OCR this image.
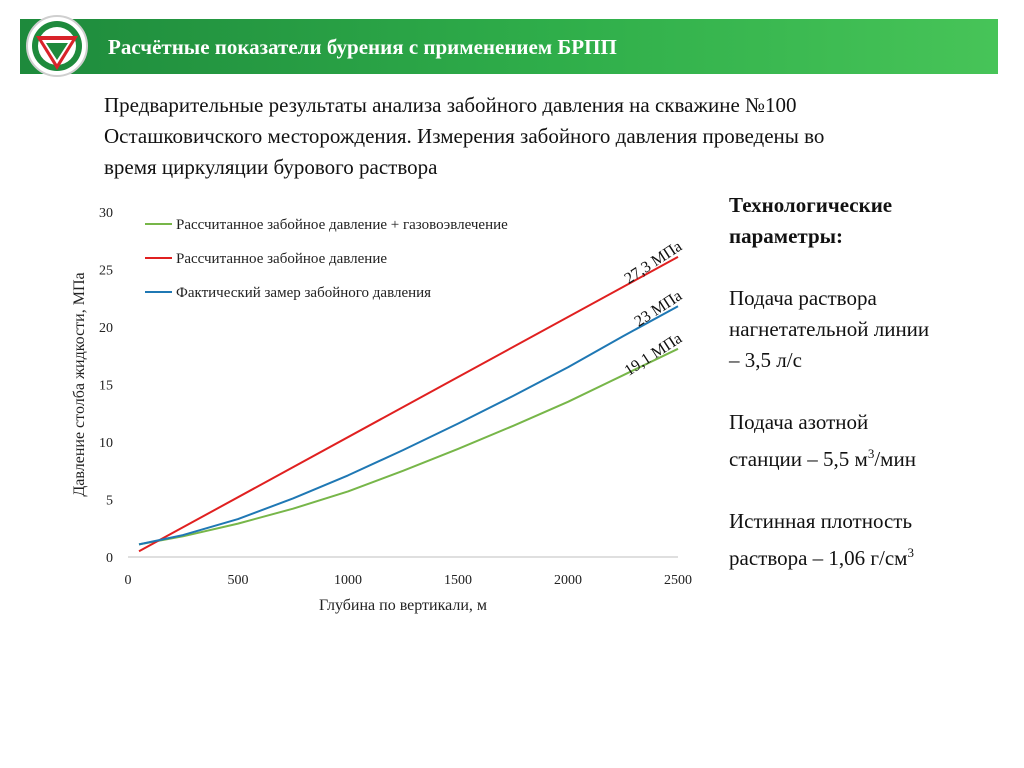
Расчётные показатели бурения с применением БРПП
Предварительные результаты анализа забойного давления на скважине №100
Осташковичского месторождения. Измерения забойного давления проведены во
время циркуляции бурового раствора
Технологические
параметры:
Подача раствора
нагнетательной линии
– 3,5 л/с
Подача азотной
станции – 5,5 $м^3$/мин
Истинная плотность
раствора – 1,06 $г/см^3$
0
5
10
15
20
25
30
0	500	1000	1500	2000	2500
Глубина по вертикали, м
Давление столба жидкости, МПа	19,1 МПа
27,3 МПа
23 МПа
Рассчитанное забойное давление + газовоэвлечение
Рассчитанное забойное давление
Фактический замер забойного давления
